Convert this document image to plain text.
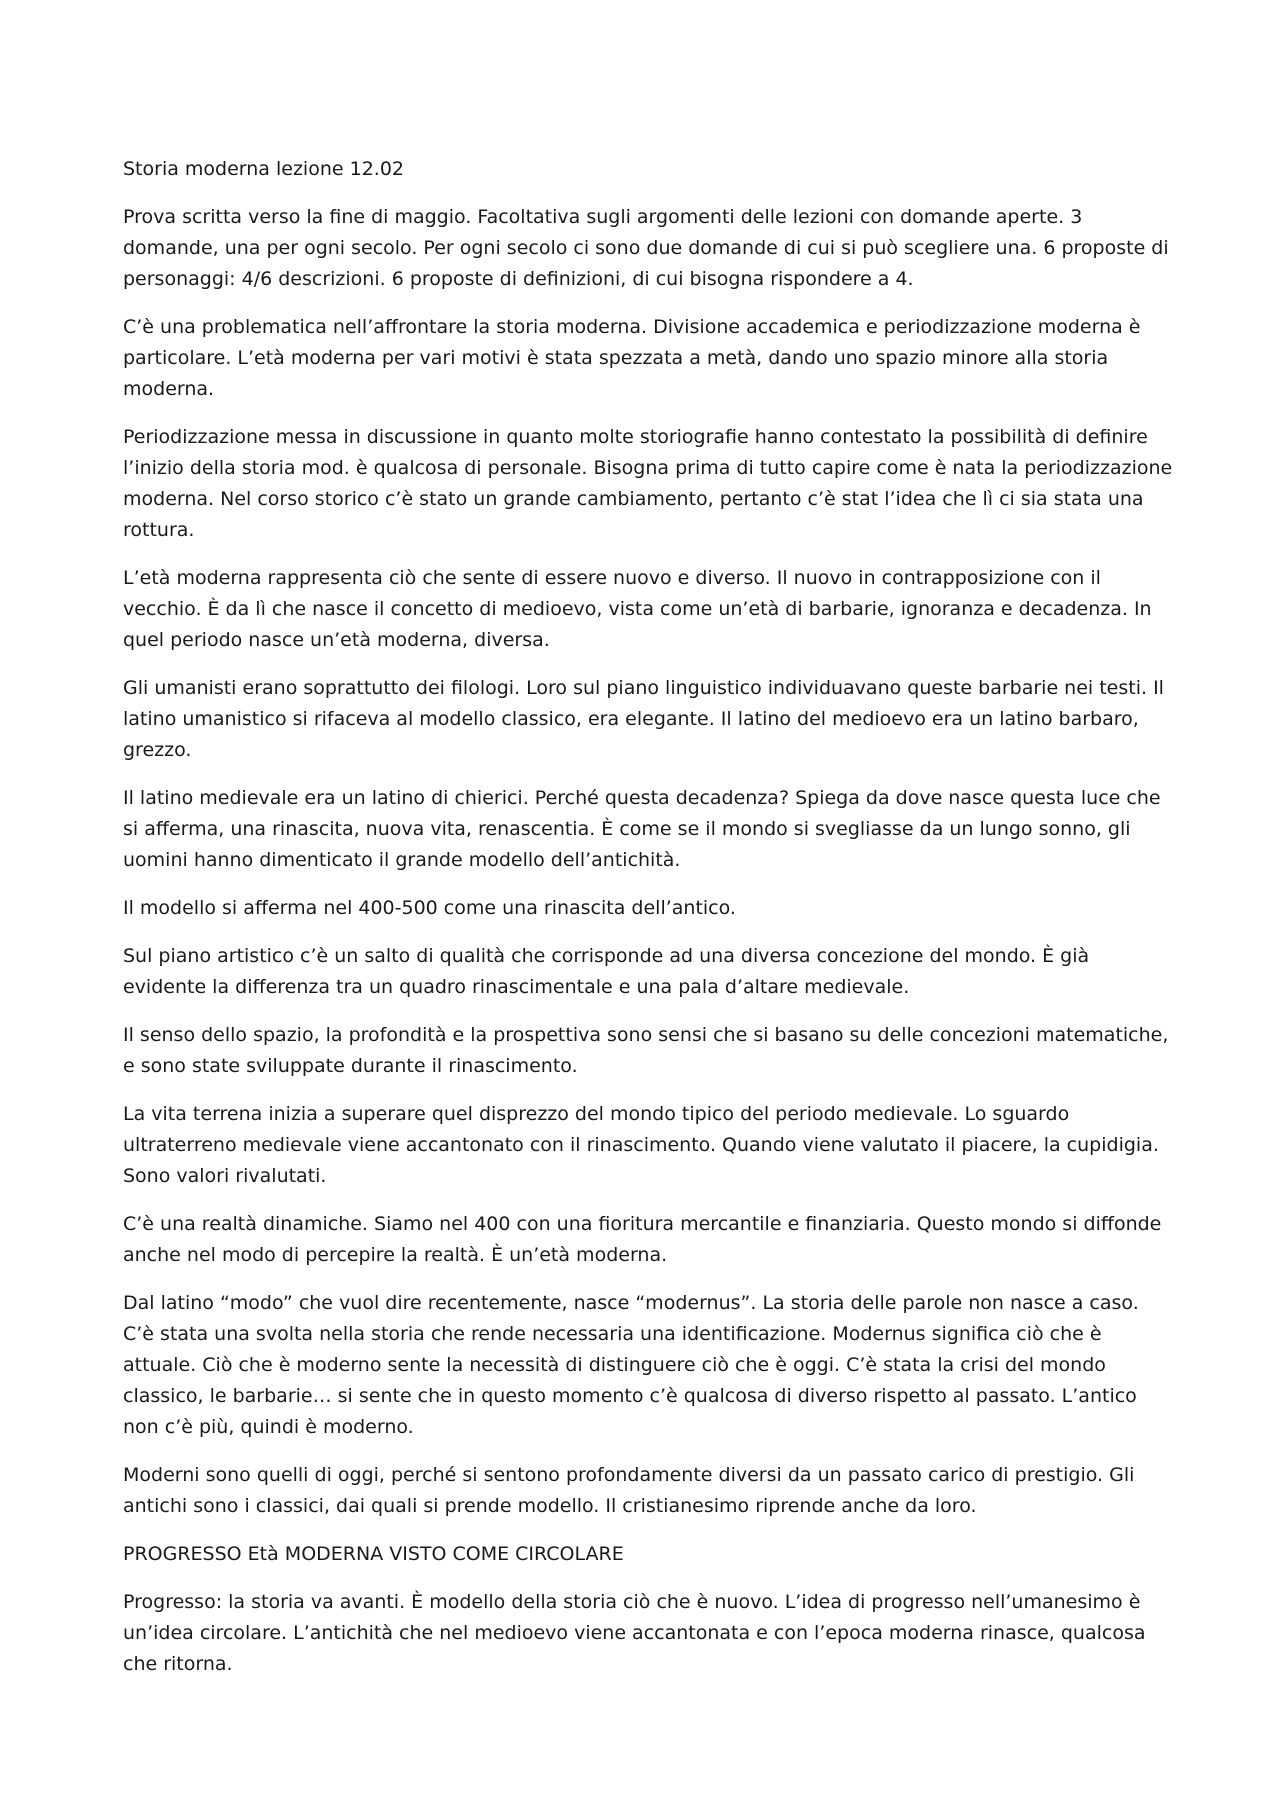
Storia moderna lezione 12.02

Prova scritta verso la fine di maggio. Facoltativa sugli argomenti delle lezioni con domande aperte. 3 domande, una per ogni secolo. Per ogni secolo ci sono due domande di cui si può scegliere una. 6 proposte di personaggi: 4/6 descrizioni. 6 proposte di definizioni, di cui bisogna rispondere a 4.

C’è una problematica nell’affrontare la storia moderna. Divisione accademica e periodizzazione moderna è particolare. L’età moderna per vari motivi è stata spezzata a metà, dando uno spazio minore alla storia moderna.

Periodizzazione messa in discussione in quanto molte storiografie hanno contestato la possibilità di definire l’inizio della storia mod. è qualcosa di personale. Bisogna prima di tutto capire come è nata la periodizzazione moderna. Nel corso storico c’è stato un grande cambiamento, pertanto c’è stat l’idea che lì ci sia stata una rottura.

L’età moderna rappresenta ciò che sente di essere nuovo e diverso. Il nuovo in contrapposizione con il vecchio. È da lì che nasce il concetto di medioevo, vista come un’età di barbarie, ignoranza e decadenza. In quel periodo nasce un’età moderna, diversa.

Gli umanisti erano soprattutto dei filologi. Loro sul piano linguistico individuavano queste barbarie nei testi. Il latino umanistico si rifaceva al modello classico, era elegante. Il latino del medioevo era un latino barbaro, grezzo.

Il latino medievale era un latino di chierici. Perché questa decadenza? Spiega da dove nasce questa luce che si afferma, una rinascita, nuova vita, renascentia. È come se il mondo si svegliasse da un lungo sonno, gli uomini hanno dimenticato il grande modello dell’antichità.

Il modello si afferma nel 400-500 come una rinascita dell’antico.

Sul piano artistico c’è un salto di qualità che corrisponde ad una diversa concezione del mondo. È già evidente la differenza tra un quadro rinascimentale e una pala d’altare medievale.

Il senso dello spazio, la profondità e la prospettiva sono sensi che si basano su delle concezioni matematiche, e sono state sviluppate durante il rinascimento.

La vita terrena inizia a superare quel disprezzo del mondo tipico del periodo medievale. Lo sguardo ultraterreno medievale viene accantonato con il rinascimento. Quando viene valutato il piacere, la cupidigia. Sono valori rivalutati.

C’è una realtà dinamiche. Siamo nel 400 con una fioritura mercantile e finanziaria. Questo mondo si diffonde anche nel modo di percepire la realtà. È un’età moderna.

Dal latino “modo” che vuol dire recentemente, nasce “modernus”. La storia delle parole non nasce a caso. C’è stata una svolta nella storia che rende necessaria una identificazione. Modernus significa ciò che è attuale. Ciò che è moderno sente la necessità di distinguere ciò che è oggi. C’è stata la crisi del mondo classico, le barbarie… si sente che in questo momento c’è qualcosa di diverso rispetto al passato. L’antico non c’è più, quindi è moderno.

Moderni sono quelli di oggi, perché si sentono profondamente diversi da un passato carico di prestigio. Gli antichi sono i classici, dai quali si prende modello. Il cristianesimo riprende anche da loro.

PROGRESSO Età MODERNA VISTO COME CIRCOLARE

Progresso: la storia va avanti. È modello della storia ciò che è nuovo. L’idea di progresso nell’umanesimo è un’idea circolare. L’antichità che nel medioevo viene accantonata e con l’epoca moderna rinasce, qualcosa che ritorna.
